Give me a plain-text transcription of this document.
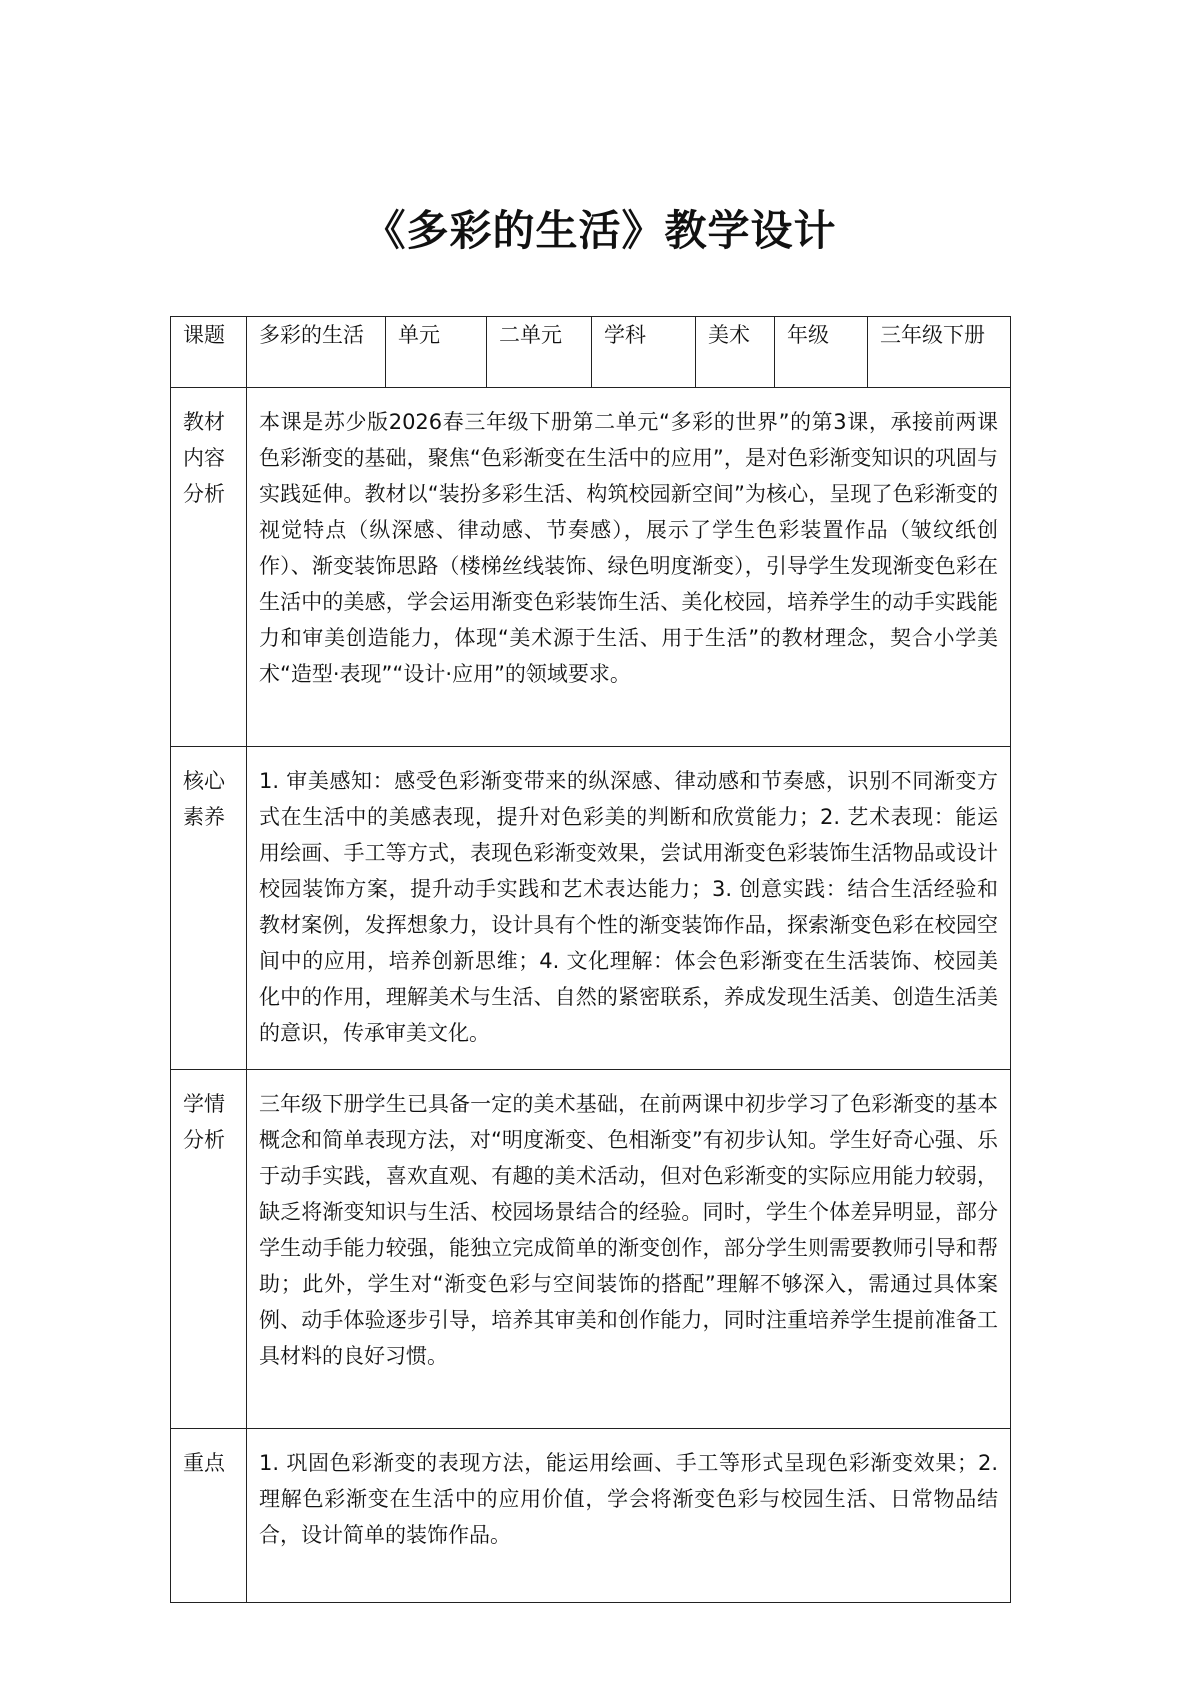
《多彩的生活》教学设计
课题	多彩的生活	单元	二单元	学科	美术	年级	三年级下册

教材内容分析	本课是苏少版2026春三年级下册第二单元“多彩的世界”的第3课，承接前两课色彩渐变的基础，聚焦“色彩渐变在生活中的应用”，是对色彩渐变知识的巩固与实践延伸。教材以“装扮多彩生活、构筑校园新空间”为核心，呈现了色彩渐变的视觉特点（纵深感、律动感、节奏感），展示了学生色彩装置作品（皱纹纸创作）、渐变装饰思路（楼梯丝线装饰、绿色明度渐变），引导学生发现渐变色彩在生活中的美感，学会运用渐变色彩装饰生活、美化校园，培养学生的动手实践能力和审美创造能力，体现“美术源于生活、用于生活”的教材理念，契合小学美术“造型·表现”“设计·应用”的领域要求。						

核心素养	1. 审美感知：感受色彩渐变带来的纵深感、律动感和节奏感，识别不同渐变方式在生活中的美感表现，提升对色彩美的判断和欣赏能力；2. 艺术表现：能运用绘画、手工等方式，表现色彩渐变效果，尝试用渐变色彩装饰生活物品或设计校园装饰方案，提升动手实践和艺术表达能力；3. 创意实践：结合生活经验和教材案例，发挥想象力，设计具有个性的渐变装饰作品，探索渐变色彩在校园空间中的应用，培养创新思维；4. 文化理解：体会色彩渐变在生活装饰、校园美化中的作用，理解美术与生活、自然的紧密联系，养成发现生活美、创造生活美的意识，传承审美文化。						

学情分析	三年级下册学生已具备一定的美术基础，在前两课中初步学习了色彩渐变的基本概念和简单表现方法，对“明度渐变、色相渐变”有初步认知。学生好奇心强、乐于动手实践，喜欢直观、有趣的美术活动，但对色彩渐变的实际应用能力较弱，缺乏将渐变知识与生活、校园场景结合的经验。同时，学生个体差异明显，部分学生动手能力较强，能独立完成简单的渐变创作，部分学生则需要教师引导和帮助；此外，学生对“渐变色彩与空间装饰的搭配”理解不够深入，需通过具体案例、动手体验逐步引导，培养其审美和创作能力，同时注重培养学生提前准备工具材料的良好习惯。						

重点	1. 巩固色彩渐变的表现方法，能运用绘画、手工等形式呈现色彩渐变效果；2. 理解色彩渐变在生活中的应用价值，学会将渐变色彩与校园生活、日常物品结合，设计简单的装饰作品。						
